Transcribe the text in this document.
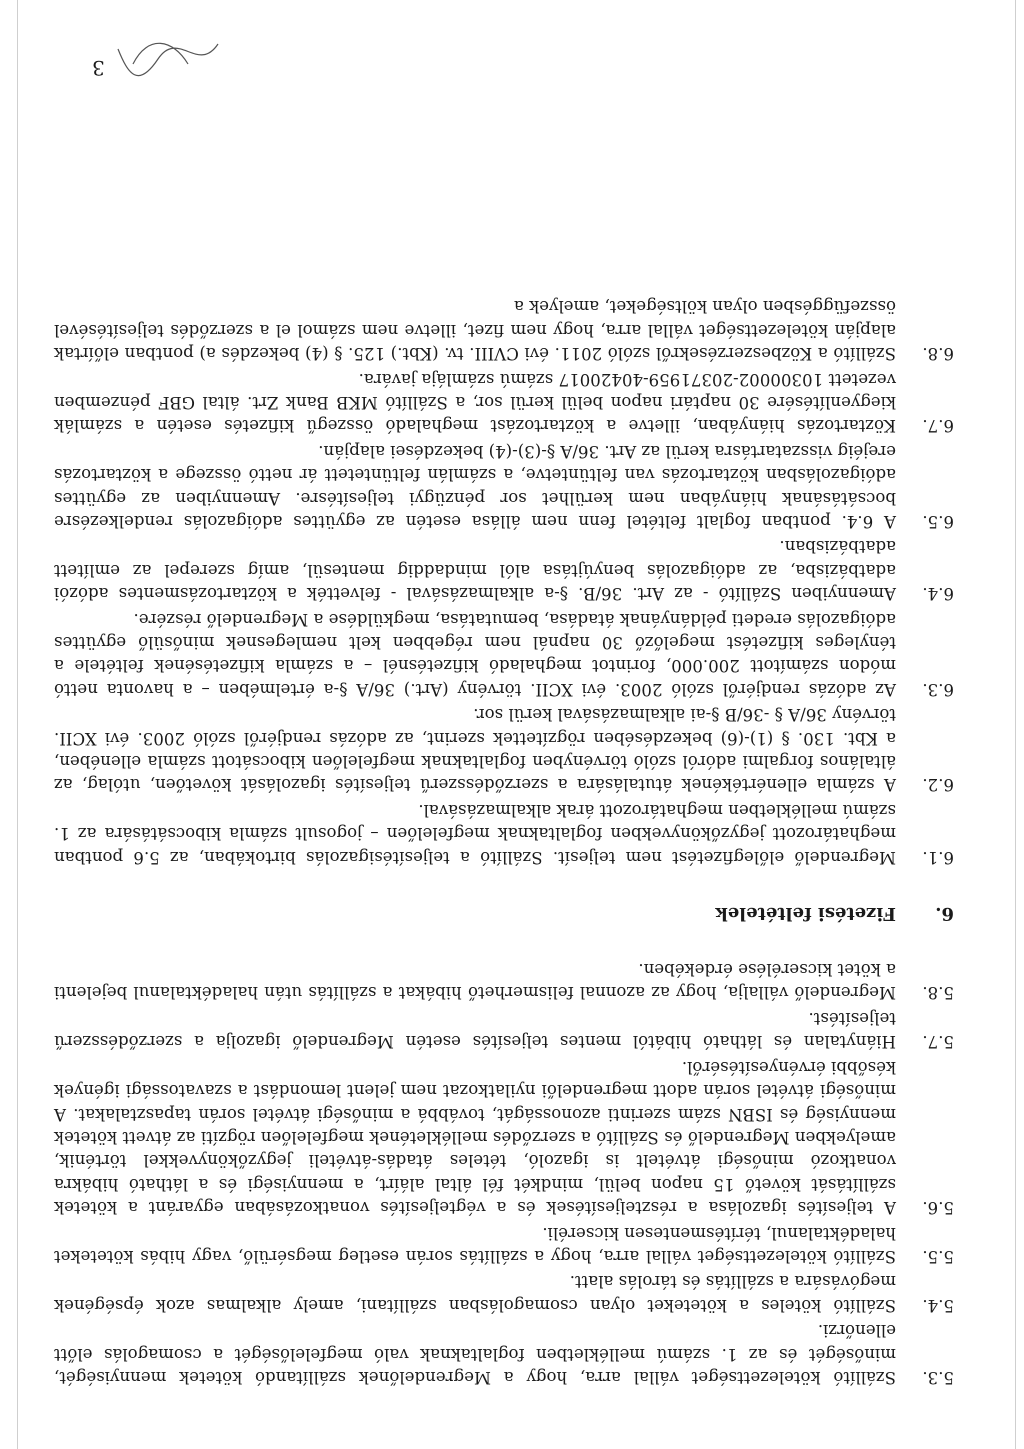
5.3.
Szállító kötelezettséget vállal arra, hogy a Megrendelőnek szállítandó kötetek mennyiségét, minőségét és az 1. számú mellékletben foglaltaknak való megfelelőségét a csomagolás előtt ellenőrzi.
5.4.
Szállító köteles a köteteket olyan csomagolásban szállítani, amely alkalmas azok épségének megóvására a szállítás és tárolás alatt.
5.5.
Szállító kötelezettséget vállal arra, hogy a szállítás során esetleg megsérülő, vagy hibás köteteket haladéktalanul, térítésmentesen kicseréli.
5.6.
A teljesítés igazolása a részteljesítések és a végteljesítés vonatkozásában egyaránt a kötetek szállítását követő 15 napon belül, mindkét fél által aláírt, a mennyiségi és a látható hibákra vonatkozó minőségi átvételt is igazoló, tételes átadás-átvételi jegyzőkönyvekkel történik, amelyekben Megrendelő és Szállító a szerződés mellékletének megfelelően rögzíti az átvett kötetek mennyiség és ISBN szám szerinti azonosságát, továbbá a minőségi átvétel során tapasztalakat. A minőségi átvétel során adott megrendelői nyilatkozat nem jelent lemondást a szavatossági igények későbbi érvényesítéséről.
5.7.
Hiánytalan és látható hibától mentes teljesítés esetén Megrendelő igazolja a szerződésszerű teljesítést.
5.8.
Megrendelő vállalja, hogy az azonnal felismerhető hibákat a szállítás után haladéktalanul bejelenti a kötet kicserélése érdekében.
6.
Fizetési feltételek
6.1.
Megrendelő előlegfizetést nem teljesít. Szállító a teljesítésigazolás birtokában, az 5.6 pontban meghatározott jegyzőkönyvekben foglaltaknak megfelelően – jogosult számla kibocsátására az 1. számú mellékletben meghatározott árak alkalmazásával.
6.2.
A számla ellenértékének átutalására a szerződésszerű teljesítés igazolását követően, utólag, az általános forgalmi adóról szóló törvényben foglaltaknak megfelelően kibocsátott számla ellenében, a Kbt. 130. § (1)-(6) bekezdésében rögzítettek szerint, az adózás rendjéről szóló 2003. évi XCII. törvény 36/A § -36/B §-ai alkalmazásával kerül sor.
6.3.
Az adózás rendjéről szóló 2003. évi XCII. törvény (Art.) 36/A §-a értelmében – a havonta nettó módon számított 200.000, forintot meghaladó kifizetésnél – a számla kifizetésének feltétele a tényleges kifizetést megelőző 30 napnál nem régebben kelt nemlegesnek minősülő együttes adóigazolás eredeti példányának átadása, bemutatása, megküldése a Megrendelő részére.
6.4.
Amennyiben Szállító - az Art. 36/B. §-a alkalmazásával - felvették a köztartozásmentes adózói adatbázisba, az adóigazolás benyújtása alól mindaddig mentesül, amíg szerepel az említett adatbázisban.
6.5.
A 6.4. pontban foglalt feltétel fenn nem állása esetén az együttes adóigazolás rendelkezésre bocsátásának hiányában nem kerülhet sor pénzügyi teljesítésre. Amennyiben az együttes adóigazolásban köztartozás van feltüntetve, a számlán feltüntetett ár nettó összege a köztartozás erejéig visszatartásra kerül az Art. 36/A §-(3)-(4) bekezdései alapján.
6.7.
Köztartozás hiányában, illetve a köztartozást meghaladó összegű kifizetés esetén a számlák kiegyenlítésére 30 naptári napon belül kerül sor, a Szállító MKB Bank Zrt. által GBF pénzemben vezetett 10300002-20371959-40420017 számú számlája javára.
6.8.
Szállító a Közbeszerzésekről szóló 2011. évi CVIII. tv. (Kbt.) 125. § (4) bekezdés a) pontban előírtak alapján kötelezettséget vállal arra, hogy nem fizet, illetve nem számol el a szerződés teljesítésével összefüggésben olyan költségeket, amelyek a
3
